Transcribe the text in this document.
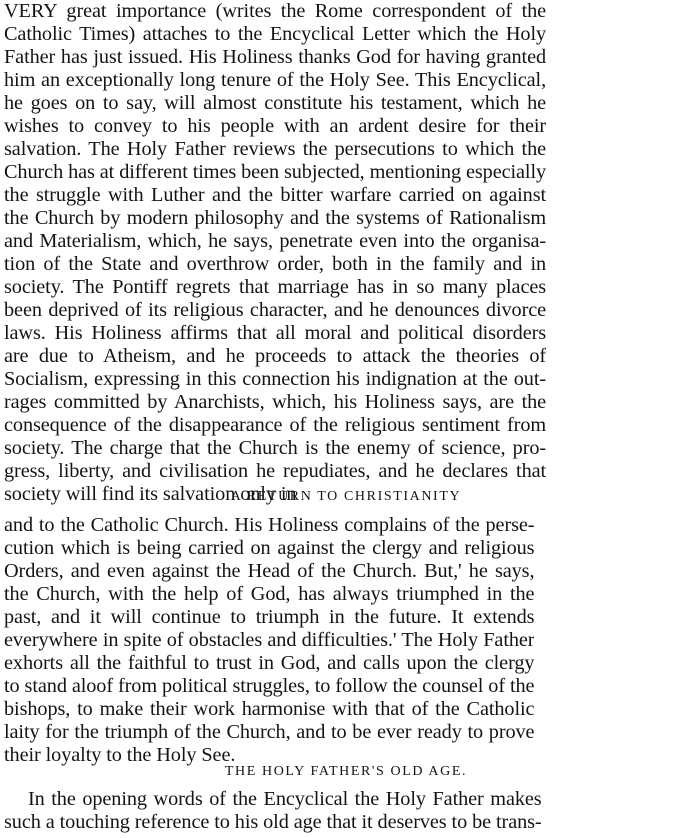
VERY great importance (writes the Rome correspondent of the
Catholic Times) attaches to the Encyclical Letter which the Holy
Father has just issued. His Holiness thanks God for having granted
him an exceptionally long tenure of the Holy See. This Encyclical,
he goes on to say, will almost constitute his testament, which he
wishes to convey to his people with an ardent desire for their
salvation. The Holy Father reviews the persecutions to which the
Church has at different times been subjected, mentioning especially
the struggle with Luther and the bitter warfare carried on against
the Church by modern philosophy and the systems of Rationalism
and Materialism, which, he says, penetrate even into the organisa-
tion of the State and overthrow order, both in the family and in
society. The Pontiff regrets that marriage has in so many places
been deprived of its religious character, and he denounces divorce
laws. His Holiness affirms that all moral and political disorders
are due to Atheism, and he proceeds to attack the theories of
Socialism, expressing in this connection his indignation at the out-
rages committed by Anarchists, which, his Holiness says, are the
consequence of the disappearance of the religious sentiment from
society. The charge that the Church is the enemy of science, pro-
gress, liberty, and civilisation he repudiates, and he declares that
society will find its salvation only in
A RETURN TO CHRISTIANITY
and to the Catholic Church. His Holiness complains of the perse-
cution which is being carried on against the clergy and religious
Orders, and even against the Head of the Church. But,' he says,
the Church, with the help of God, has always triumphed in the
past, and it will continue to triumph in the future. It extends
everywhere in spite of obstacles and difficulties.' The Holy Father
exhorts all the faithful to trust in God, and calls upon the clergy
to stand aloof from political struggles, to follow the counsel of the
bishops, to make their work harmonise with that of the Catholic
laity for the triumph of the Church, and to be ever ready to prove
their loyalty to the Holy See.
THE HOLY FATHER'S OLD AGE.
In the opening words of the Encyclical the Holy Father makes
such a touching reference to his old age that it deserves to be trans-
